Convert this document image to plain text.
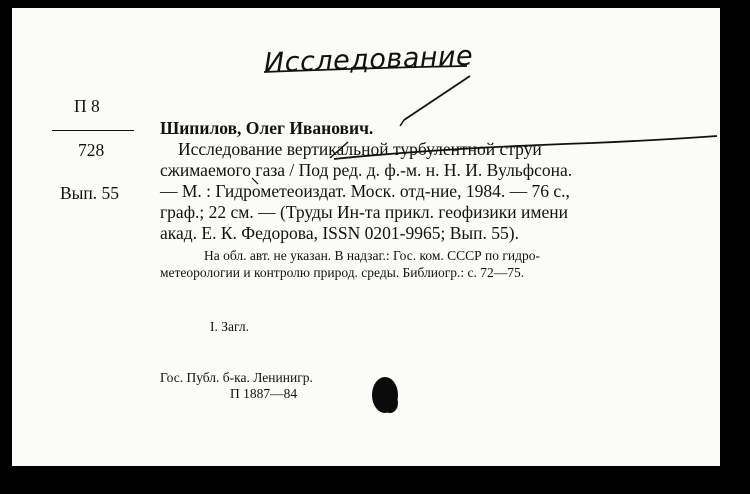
Исследование
П 8
728
Вып. 55
Шипилов, Олег Иванович.
Исследование вертикальной турбулентной струи
сжимаемого газа / Под ред. д. ф.-м. н. Н. И. Вульфсона.
— М. : Гидрометеоиздат. Моск. отд-ние, 1984. — 76 с.,
граф.; 22 см. — (Труды Ин-та прикл. геофизики имени
акад. Е. К. Федорова, ISSN 0201-9965; Вып. 55).
На обл. авт. не указан. В надзаг.: Гос. ком. СССР по гидро-
метеорологии и контролю природ. среды. Библиогр.: с. 72—75.
I. Загл.
Гос. Публ. б-ка. Ленинигр.
П 1887—84
